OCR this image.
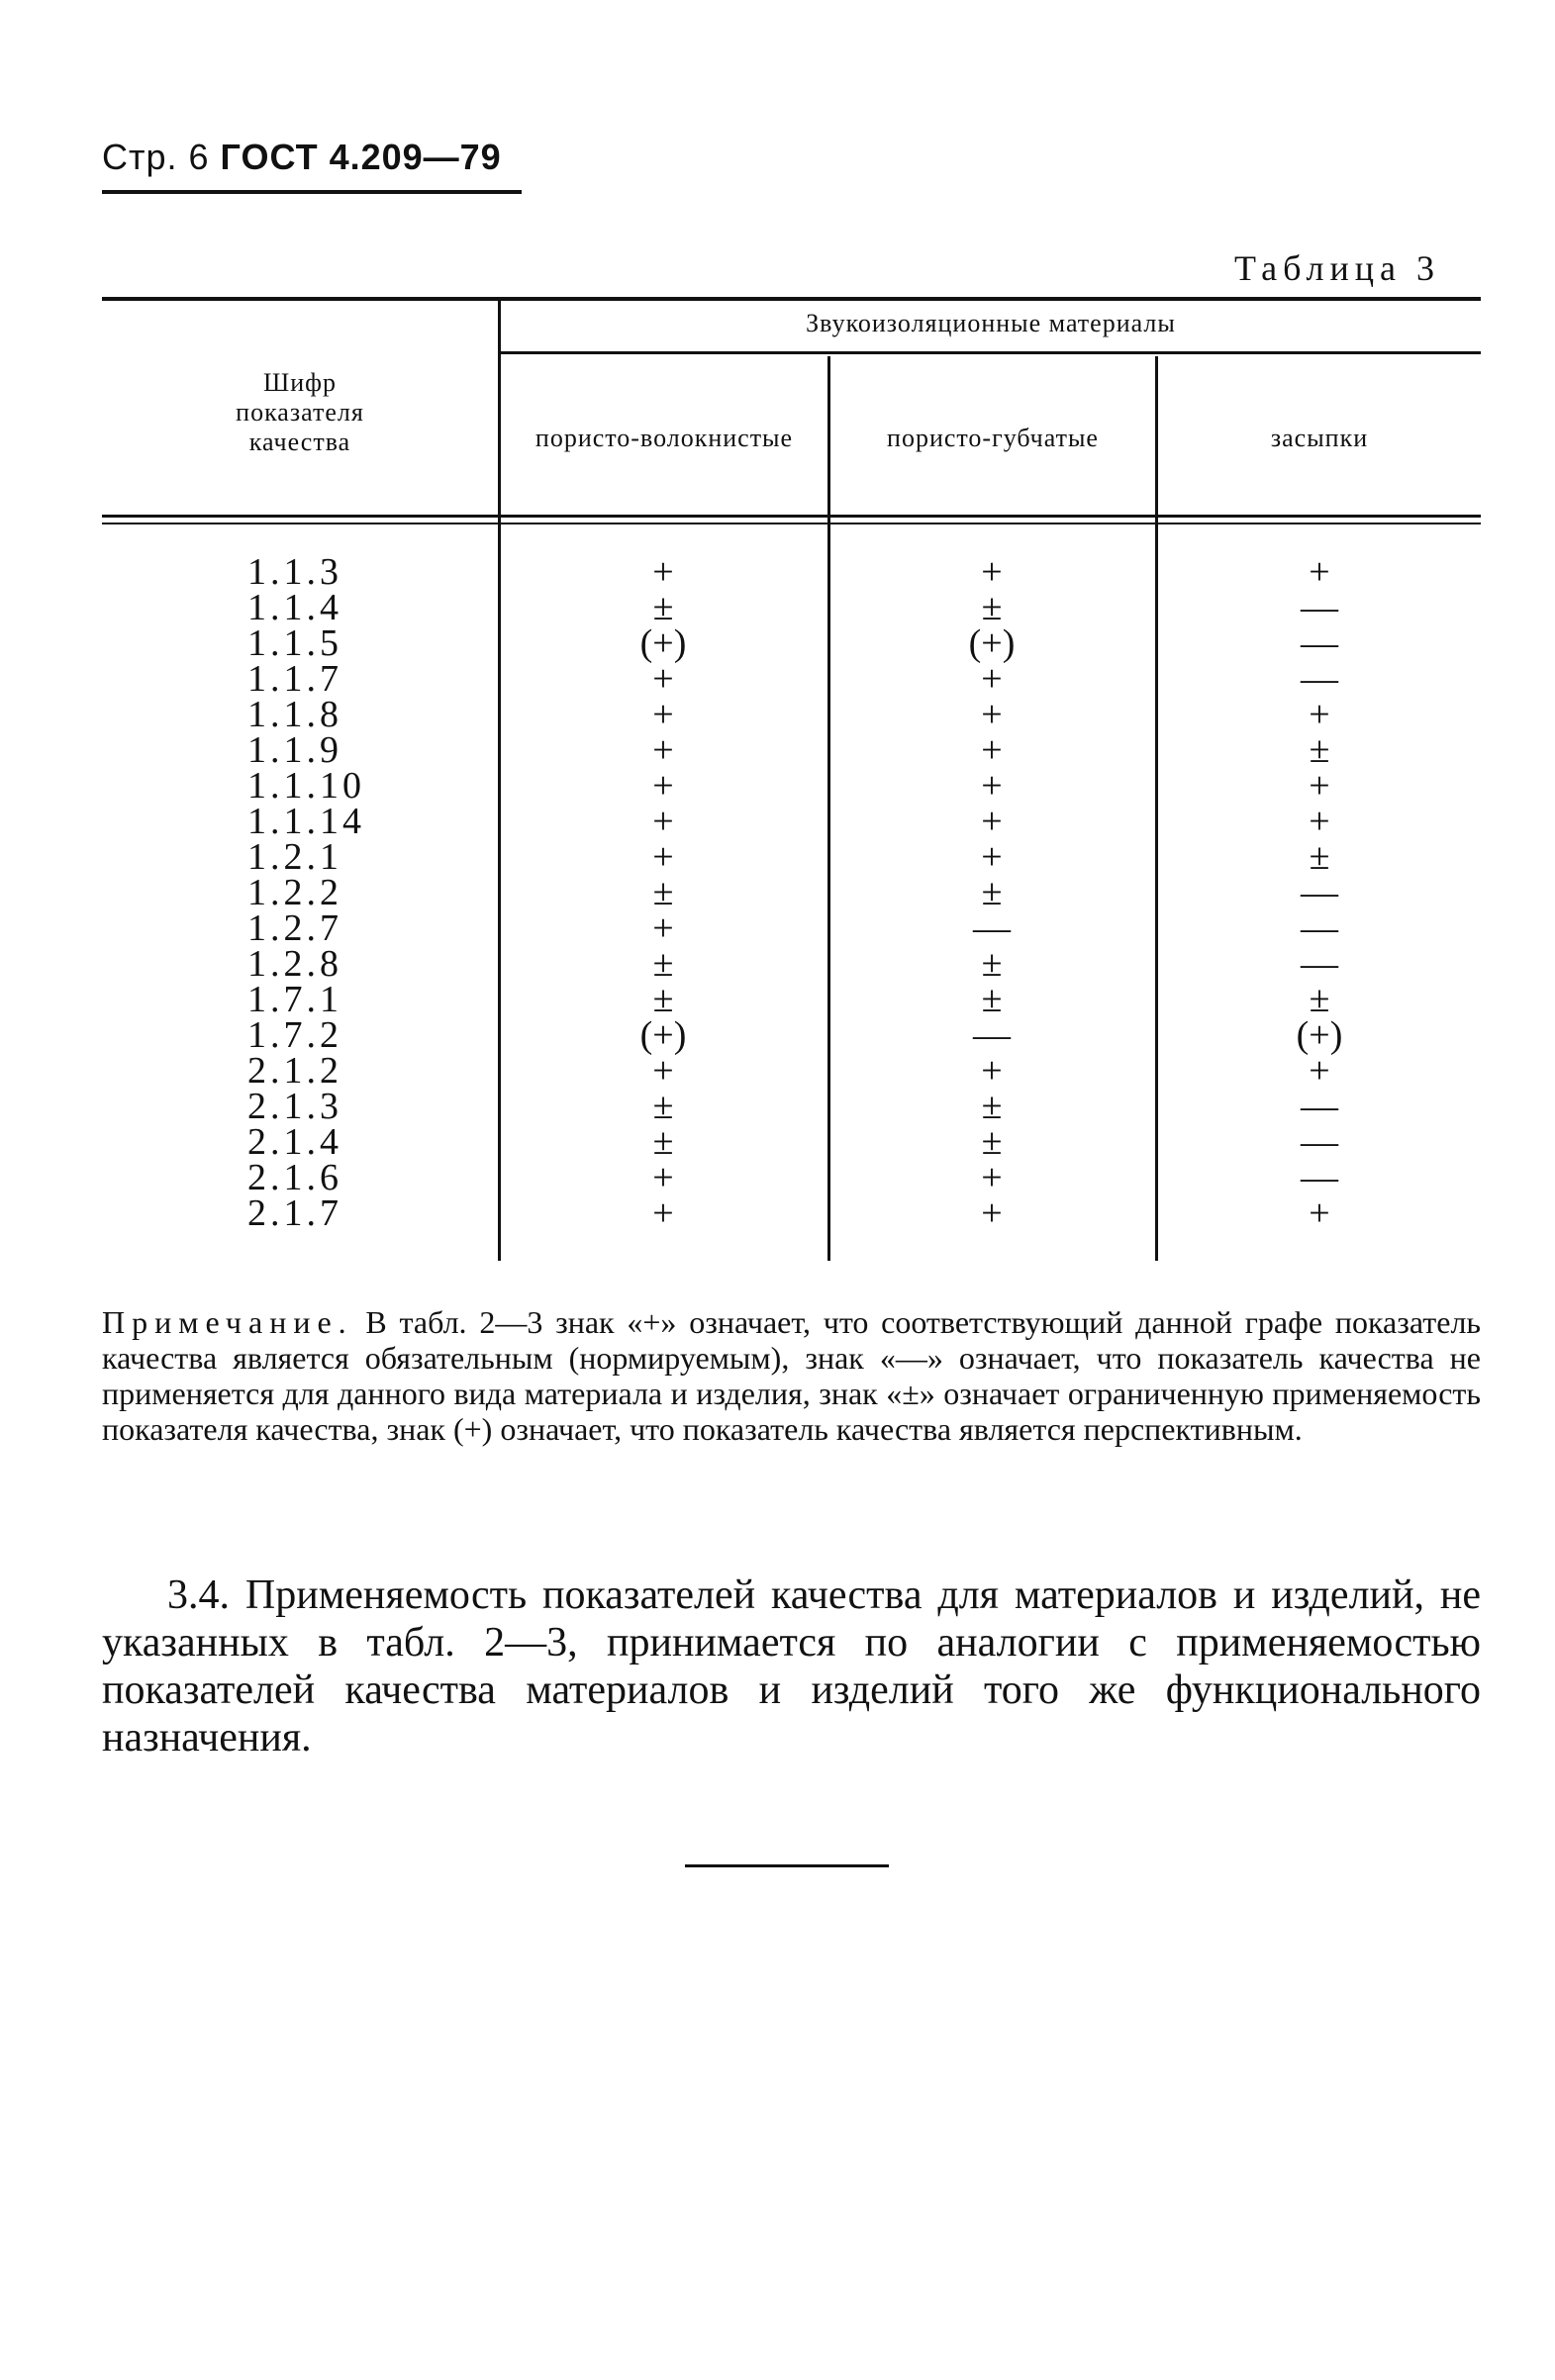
Стр. 6 ГОСТ 4.209—79
Таблица 3
Шифр
показателя
качества
Звукоизоляционные материалы
пористо-волокнистые	пористо-губчатые	засыпки
1.1.3
1.1.4
1.1.5
1.1.7
1.1.8
1.1.9
1.1.10
1.1.14
1.2.1
1.2.2
1.2.7
1.2.8
1.7.1
1.7.2
2.1.2
2.1.3
2.1.4
2.1.6
2.1.7
+
±
(+)
+
+
+
+
+
+
±
+
±
±
(+)
+
±
±
+
+
+
±
(+)
+
+
+
+
+
+
±
—
±
±
—
+
±
±
+
+
+
—
—
—
+
±
+
+
±
—
—
—
±
(+)
+
—
—
—
+
Примечание. В табл. 2—3 знак «+» означает, что соответствующий данной графе показатель качества является обязательным (нормируемым), знак «—» означает, что показатель качества не применяется для данного вида материала и изделия, знак «±» означает ограниченную применяемость показателя качества, знак (+) означает, что показатель качества является перспективным.
3.4. Применяемость показателей качества для материалов и изделий, не указанных в табл. 2—3, принимается по аналогии с применяемостью показателей качества материалов и изделий того же функционального назначения.
